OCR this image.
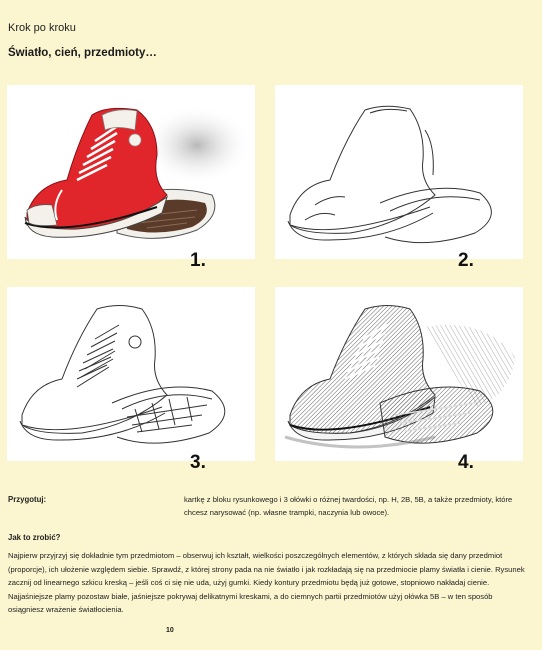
Krok po kroku
Światło, cień, przedmioty…
1.	2.
3.	4.
Przygotuj:	kartkę z bloku rysunkowego i 3 ołówki o różnej twardości, np. H, 2B, 5B, a także przedmioty, które chcesz narysować (np. własne trampki, naczynia lub owoce).
Jak to zrobić?
Najpierw przyjrzyj się dokładnie tym przedmiotom – obserwuj ich kształt, wielkości poszczególnych elementów, z których składa się dany przedmiot (proporcje), ich ułożenie względem siebie. Sprawdź, z której strony pada na nie światło i jak rozkładają się na przedmiocie plamy światła i cienie. Rysunek zacznij od linearnego szkicu kreską – jeśli coś ci się nie uda, użyj gumki. Kiedy kontury przedmiotu będą już gotowe, stopniowo nakładaj cienie. Najjaśniejsze plamy pozostaw białe, jaśniejsze pokrywaj delikatnymi kreskami, a do ciemnych partii przedmiotów użyj ołówka 5B – w ten sposób osiągniesz wrażenie światłocienia.
10
